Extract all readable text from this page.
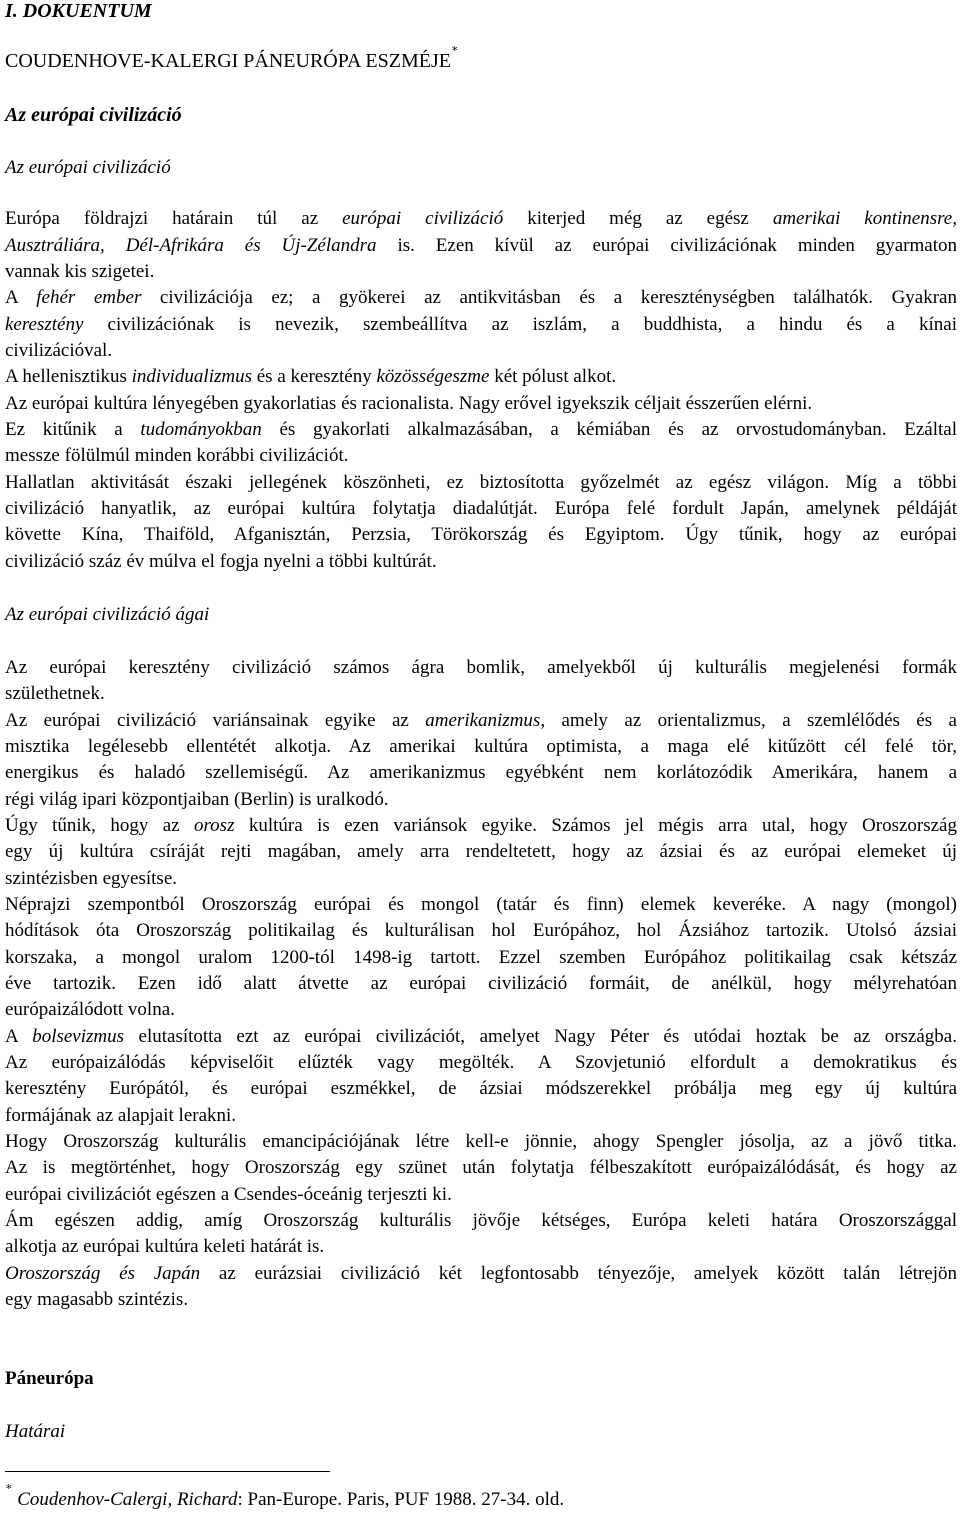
I. DOKUENTUM
COUDENHOVE-KALERGI PÁNEURÓPA ESZMÉJE∗
Az európai civilizáció
Az európai civilizáció
Európa földrajzi határain túl az európai civilizáció kiterjed még az egész amerikai kontinensre,
Ausztráliára, Dél-Afrikára és Új-Zélandra is. Ezen kívül az európai civilizációnak minden gyarmaton
vannak kis szigetei.
A fehér ember civilizációja ez; a gyökerei az antikvitásban és a kereszténységben találhatók. Gyakran
keresztény civilizációnak is nevezik, szembeállítva az iszlám, a buddhista, a hindu és a kínai
civilizációval.
A hellenisztikus individualizmus és a keresztény közösségeszme két pólust alkot.
Az európai kultúra lényegében gyakorlatias és racionalista. Nagy erővel igyekszik céljait ésszerűen elérni.
Ez kitűnik a tudományokban és gyakorlati alkalmazásában, a kémiában és az orvostudományban. Ezáltal
messze fölülmúl minden korábbi civilizációt.
Hallatlan aktivitását északi jellegének köszönheti, ez biztosította győzelmét az egész világon. Míg a többi
civilizáció hanyatlik, az európai kultúra folytatja diadalútját. Európa felé fordult Japán, amelynek példáját
követte Kína, Thaiföld, Afganisztán, Perzsia, Törökország és Egyiptom. Úgy tűnik, hogy az európai
civilizáció száz év múlva el fogja nyelni a többi kultúrát.
Az európai civilizáció ágai
Az európai keresztény civilizáció számos ágra bomlik, amelyekből új kulturális megjelenési formák
születhetnek.
Az európai civilizáció variánsainak egyike az amerikanizmus, amely az orientalizmus, a szemlélődés és a
misztika legélesebb ellentétét alkotja. Az amerikai kultúra optimista, a maga elé kitűzött cél felé tör,
energikus és haladó szellemiségű. Az amerikanizmus egyébként nem korlátozódik Amerikára, hanem a
régi világ ipari központjaiban (Berlin) is uralkodó.
Úgy tűnik, hogy az orosz kultúra is ezen variánsok egyike. Számos jel mégis arra utal, hogy Oroszország
egy új kultúra csíráját rejti magában, amely arra rendeltetett, hogy az ázsiai és az európai elemeket új
szintézisben egyesítse.
Néprajzi szempontból Oroszország európai és mongol (tatár és finn) elemek keveréke. A nagy (mongol)
hódítások óta Oroszország politikailag és kulturálisan hol Európához, hol Ázsiához tartozik. Utolsó ázsiai
korszaka, a mongol uralom 1200-tól 1498-ig tartott. Ezzel szemben Európához politikailag csak kétszáz
éve tartozik. Ezen idő alatt átvette az európai civilizáció formáit, de anélkül, hogy mélyrehatóan
európaizálódott volna.
A bolsevizmus elutasította ezt az európai civilizációt, amelyet Nagy Péter és utódai hoztak be az országba.
Az európaizálódás képviselőit elűzték vagy megölték. A Szovjetunió elfordult a demokratikus és
keresztény Európától, és európai eszmékkel, de ázsiai módszerekkel próbálja meg egy új kultúra
formájának az alapjait lerakni.
Hogy Oroszország kulturális emancipációjának létre kell-e jönnie, ahogy Spengler jósolja, az a jövő titka.
Az is megtörténhet, hogy Oroszország egy szünet után folytatja félbeszakított európaizálódását, és hogy az
európai civilizációt egészen a Csendes-óceánig terjeszti ki.
Ám egészen addig, amíg Oroszország kulturális jövője kétséges, Európa keleti határa Oroszországgal
alkotja az európai kultúra keleti határát is.
Oroszország és Japán az eurázsiai civilizáció két legfontosabb tényezője, amelyek között talán létrejön
egy magasabb szintézis.
Páneurópa
Határai
∗ Coudenhov-Calergi, Richard: Pan-Europe. Paris, PUF 1988. 27-34. old.
